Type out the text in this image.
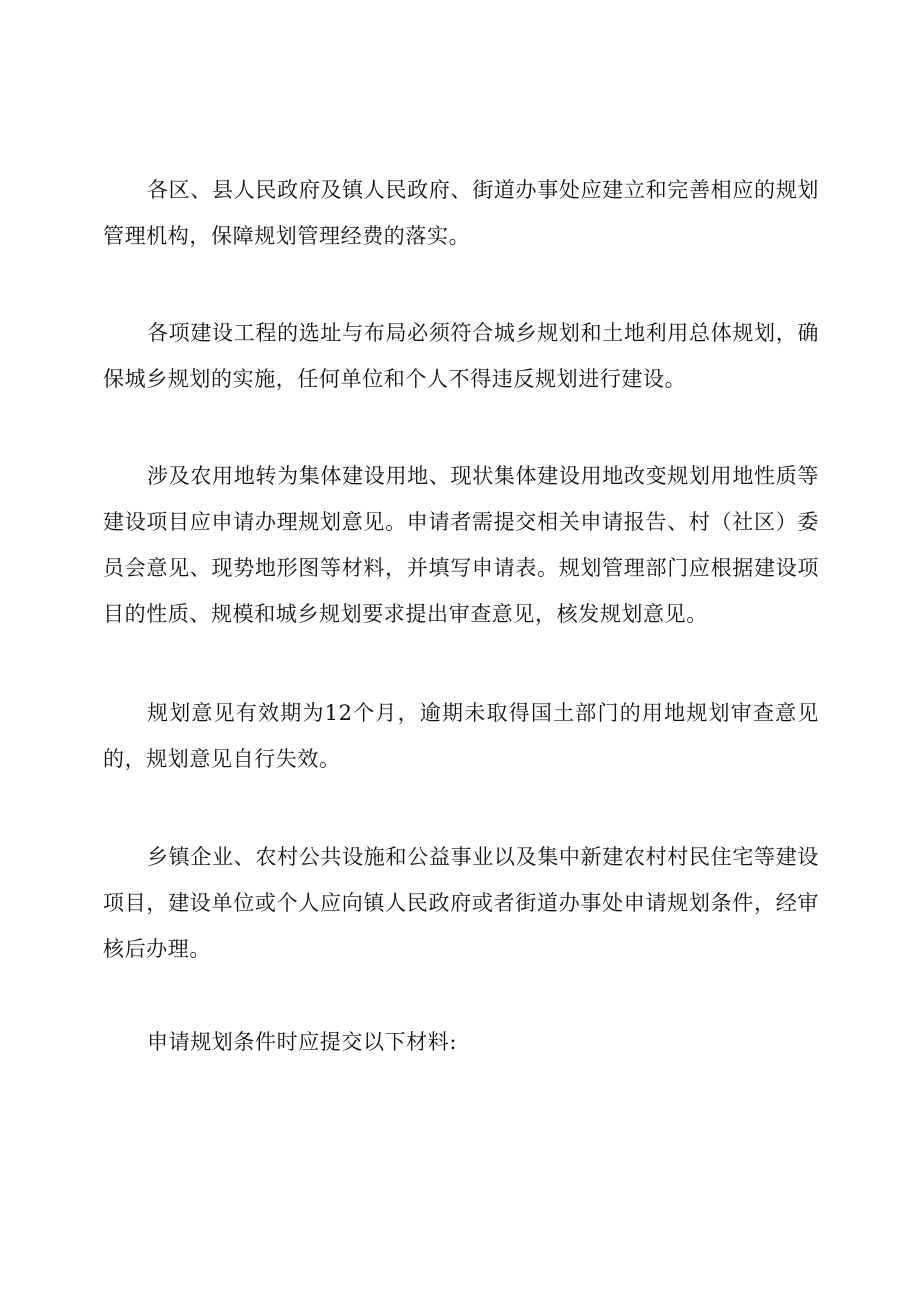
各区、县人民政府及镇人民政府、街道办事处应建立和完善相应的规划管理机构，保障规划管理经费的落实。

各项建设工程的选址与布局必须符合城乡规划和土地利用总体规划，确保城乡规划的实施，任何单位和个人不得违反规划进行建设。

涉及农用地转为集体建设用地、现状集体建设用地改变规划用地性质等建设项目应申请办理规划意见。申请者需提交相关申请报告、村（社区）委员会意见、现势地形图等材料，并填写申请表。规划管理部门应根据建设项目的性质、规模和城乡规划要求提出审查意见，核发规划意见。

规划意见有效期为12个月，逾期未取得国土部门的用地规划审查意见的，规划意见自行失效。

乡镇企业、农村公共设施和公益事业以及集中新建农村村民住宅等建设项目，建设单位或个人应向镇人民政府或者街道办事处申请规划条件，经审核后办理。

申请规划条件时应提交以下材料:
